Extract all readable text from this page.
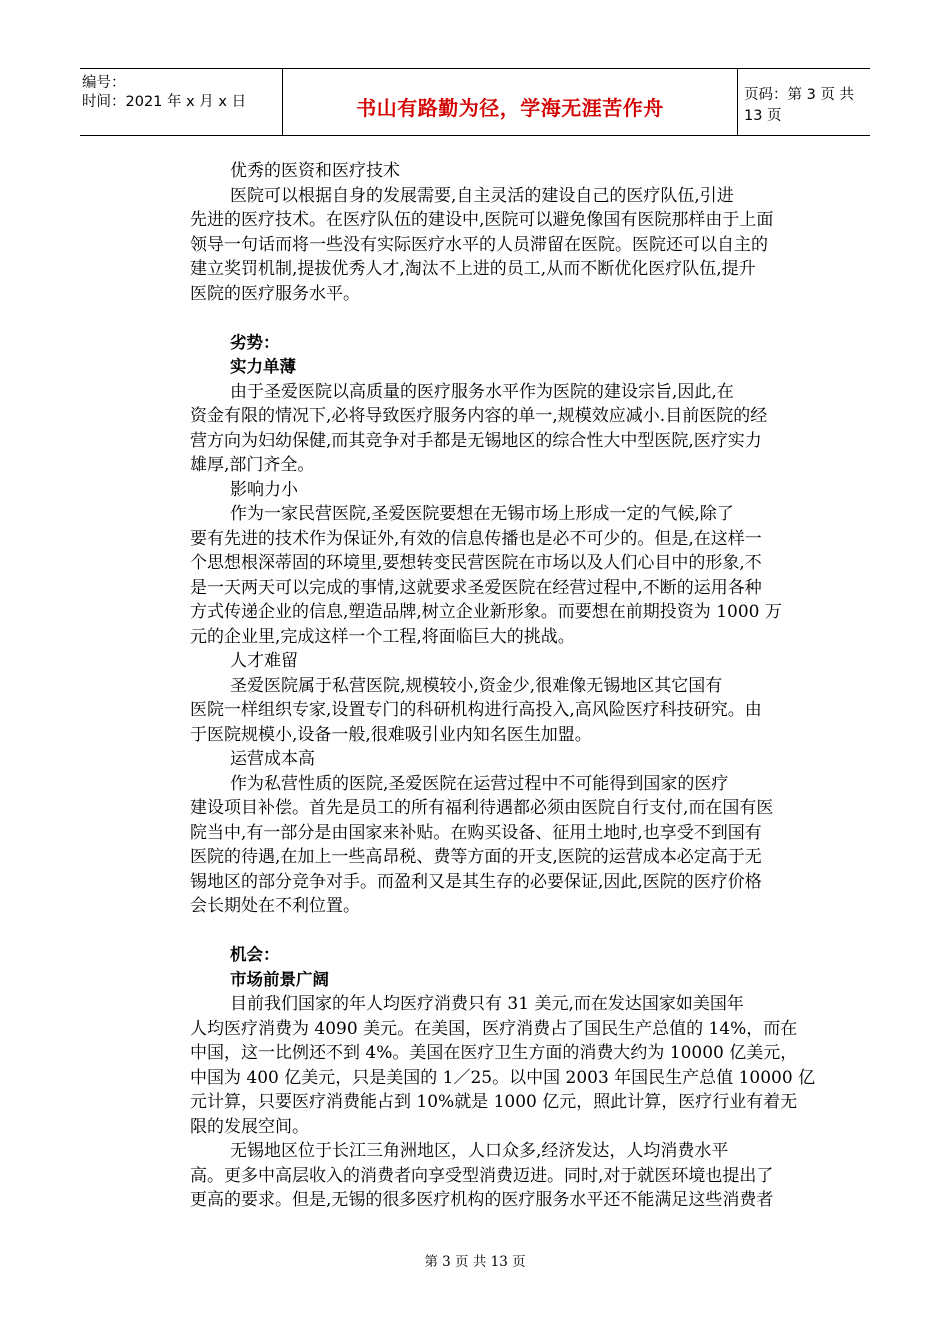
编号：
时间：2021 年 x 月 x 日	书山有路勤为径，学海无涯苦作舟
页码：第 3 页 共 13 页
优秀的医资和医疗技术
医院可以根据自身的发展需要,自主灵活的建设自己的医疗队伍,引进
先进的医疗技术。在医疗队伍的建设中,医院可以避免像国有医院那样由于上面
领导一句话而将一些没有实际医疗水平的人员滞留在医院。医院还可以自主的
建立奖罚机制,提拔优秀人才,淘汰不上进的员工,从而不断优化医疗队伍,提升
医院的医疗服务水平。
劣势：
实力单薄
由于圣爱医院以高质量的医疗服务水平作为医院的建设宗旨,因此,在
资金有限的情况下,必将导致医疗服务内容的单一,规模效应减小.目前医院的经
营方向为妇幼保健,而其竞争对手都是无锡地区的综合性大中型医院,医疗实力
雄厚,部门齐全。
影响力小
作为一家民营医院,圣爱医院要想在无锡市场上形成一定的气候,除了
要有先进的技术作为保证外,有效的信息传播也是必不可少的。但是,在这样一
个思想根深蒂固的环境里,要想转变民营医院在市场以及人们心目中的形象,不
是一天两天可以完成的事情,这就要求圣爱医院在经营过程中,不断的运用各种
方式传递企业的信息,塑造品牌,树立企业新形象。而要想在前期投资为 1000 万
元的企业里,完成这样一个工程,将面临巨大的挑战。
人才难留
圣爱医院属于私营医院,规模较小,资金少,很难像无锡地区其它国有
医院一样组织专家,设置专门的科研机构进行高投入,高风险医疗科技研究。由
于医院规模小,设备一般,很难吸引业内知名医生加盟。
运营成本高
作为私营性质的医院,圣爱医院在运营过程中不可能得到国家的医疗
建设项目补偿。首先是员工的所有福利待遇都必须由医院自行支付,而在国有医
院当中,有一部分是由国家来补贴。在购买设备、征用土地时,也享受不到国有
医院的待遇,在加上一些高昂税、费等方面的开支,医院的运营成本必定高于无
锡地区的部分竞争对手。而盈利又是其生存的必要保证,因此,医院的医疗价格
会长期处在不利位置。
机会：
市场前景广阔
目前我们国家的年人均医疗消费只有 31 美元,而在发达国家如美国年
人均医疗消费为 4090 美元。在美国，医疗消费占了国民生产总值的 14%，而在
中国，这一比例还不到 4%。美国在医疗卫生方面的消费大约为 10000 亿美元，
中国为 400 亿美元，只是美国的 1／25。以中国 2003 年国民生产总值 10000 亿
元计算，只要医疗消费能占到 10%就是 1000 亿元，照此计算，医疗行业有着无
限的发展空间。
无锡地区位于长江三角洲地区，人口众多,经济发达，人均消费水平
高。更多中高层收入的消费者向享受型消费迈进。同时,对于就医环境也提出了
更高的要求。但是,无锡的很多医疗机构的医疗服务水平还不能满足这些消费者
第 3 页 共 13 页
